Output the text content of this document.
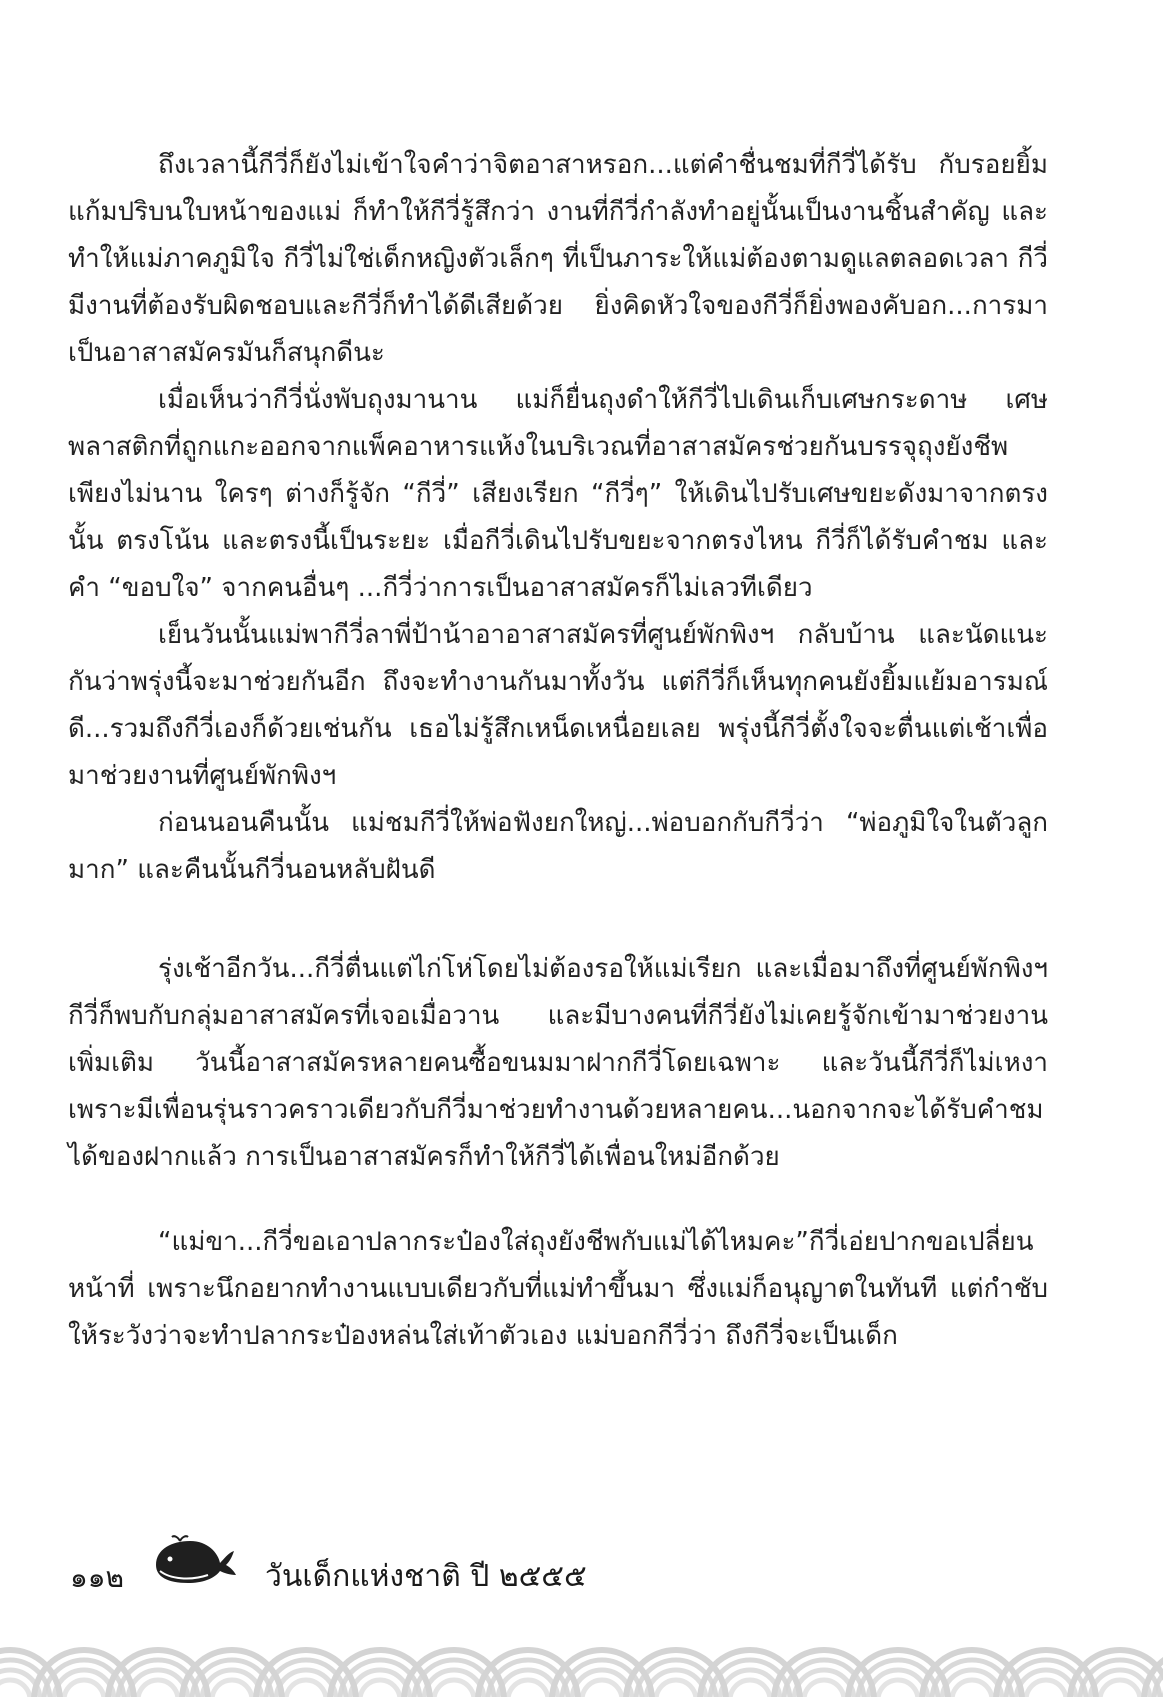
ถึงเวลานี้กีวี่ก็ยังไม่เข้าใจคำว่าจิตอาสาหรอก...แต่คำชื่นชมที่กีวี่ได้รับ กับรอยยิ้มแก้มปริบนใบหน้าของแม่ ก็ทำให้กีวี่รู้สึกว่า งานที่กีวี่กำลังทำอยู่นั้นเป็นงานชิ้นสำคัญ และทำให้แม่ภาคภูมิใจ กีวี่ไม่ใช่เด็กหญิงตัวเล็กๆ ที่เป็นภาระให้แม่ต้องตามดูแลตลอดเวลา กีวี่มีงานที่ต้องรับผิดชอบและกีวี่ก็ทำได้ดีเสียด้วย ยิ่งคิดหัวใจของกีวี่ก็ยิ่งพองคับอก...การมาเป็นอาสาสมัครมันก็สนุกดีนะ

เมื่อเห็นว่ากีวี่นั่งพับถุงมานาน แม่ก็ยื่นถุงดำให้กีวี่ไปเดินเก็บเศษกระดาษ เศษพลาสติกที่ถูกแกะออกจากแพ็คอาหารแห้งในบริเวณที่อาสาสมัครช่วยกันบรรจุถุงยังชีพ เพียงไม่นาน ใครๆ ต่างก็รู้จัก “กีวี่” เสียงเรียก “กีวี่ๆ” ให้เดินไปรับเศษขยะดังมาจากตรงนั้น ตรงโน้น และตรงนี้เป็นระยะ เมื่อกีวี่เดินไปรับขยะจากตรงไหน กีวี่ก็ได้รับคำชม และคำ “ขอบใจ” จากคนอื่นๆ ...กีวี่ว่าการเป็นอาสาสมัครก็ไม่เลวทีเดียว

เย็นวันนั้นแม่พากีวี่ลาพี่ป้าน้าอาอาสาสมัครที่ศูนย์พักพิงฯ กลับบ้าน และนัดแนะกันว่าพรุ่งนี้จะมาช่วยกันอีก ถึงจะทำงานกันมาทั้งวัน แต่กีวี่ก็เห็นทุกคนยังยิ้มแย้มอารมณ์ดี...รวมถึงกีวี่เองก็ด้วยเช่นกัน เธอไม่รู้สึกเหน็ดเหนื่อยเลย พรุ่งนี้กีวี่ตั้งใจจะตื่นแต่เช้าเพื่อมาช่วยงานที่ศูนย์พักพิงฯ

ก่อนนอนคืนนั้น แม่ชมกีวี่ให้พ่อฟังยกใหญ่...พ่อบอกกับกีวี่ว่า “พ่อภูมิใจในตัวลูกมาก” และคืนนั้นกีวี่นอนหลับฝันดี

รุ่งเช้าอีกวัน...กีวี่ตื่นแต่ไก่โห่โดยไม่ต้องรอให้แม่เรียก และเมื่อมาถึงที่ศูนย์พักพิงฯ กีวี่ก็พบกับกลุ่มอาสาสมัครที่เจอเมื่อวาน และมีบางคนที่กีวี่ยังไม่เคยรู้จักเข้ามาช่วยงานเพิ่มเติม วันนี้อาสาสมัครหลายคนซื้อขนมมาฝากกีวี่โดยเฉพาะ และวันนี้กีวี่ก็ไม่เหงาเพราะมีเพื่อนรุ่นราวคราวเดียวกับกีวี่มาช่วยทำงานด้วยหลายคน...นอกจากจะได้รับคำชม ได้ของฝากแล้ว การเป็นอาสาสมัครก็ทำให้กีวี่ได้เพื่อนใหม่อีกด้วย

“แม่ขา...กีวี่ขอเอาปลากระป๋องใส่ถุงยังชีพกับแม่ได้ไหมคะ”กีวี่เอ่ยปากขอเปลี่ยนหน้าที่ เพราะนึกอยากทำงานแบบเดียวกับที่แม่ทำขึ้นมา ซึ่งแม่ก็อนุญาตในทันที แต่กำชับให้ระวังว่าจะทำปลากระป๋องหล่นใส่เท้าตัวเอง แม่บอกกีวี่ว่า ถึงกีวี่จะเป็นเด็ก

๑๑๒	วันเด็กแห่งชาติ ปี ๒๕๕๕
